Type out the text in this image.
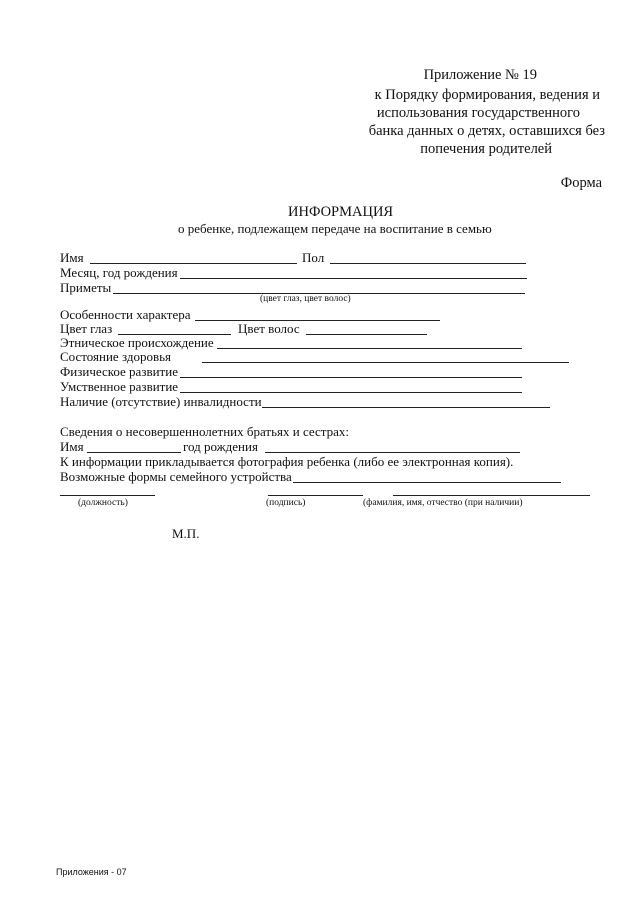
Приложение № 19
к Порядку формирования, ведения и
использования государственного
банка данных о детях, оставшихся без
попечения родителей
Форма
ИНФОРМАЦИЯ
о ребенке, подлежащем передаче на воспитание в семью
Имя	Пол
Месяц, год рождения
Приметы
(цвет глаз, цвет волос)
Особенности характера
Цвет глаз	Цвет волос
Этническое происхождение
Состояние здоровья
Физическое развитие
Умственное развитие
Наличие (отсутствие) инвалидности
Сведения о несовершеннолетних братьях и сестрах:
Имя	год рождения
К информации прикладывается фотография ребенка (либо ее электронная копия).
Возможные формы семейного устройства
(должность)	(подпись)	(фамилия, имя, отчество (при наличии)
М.П.
Приложения - 07
